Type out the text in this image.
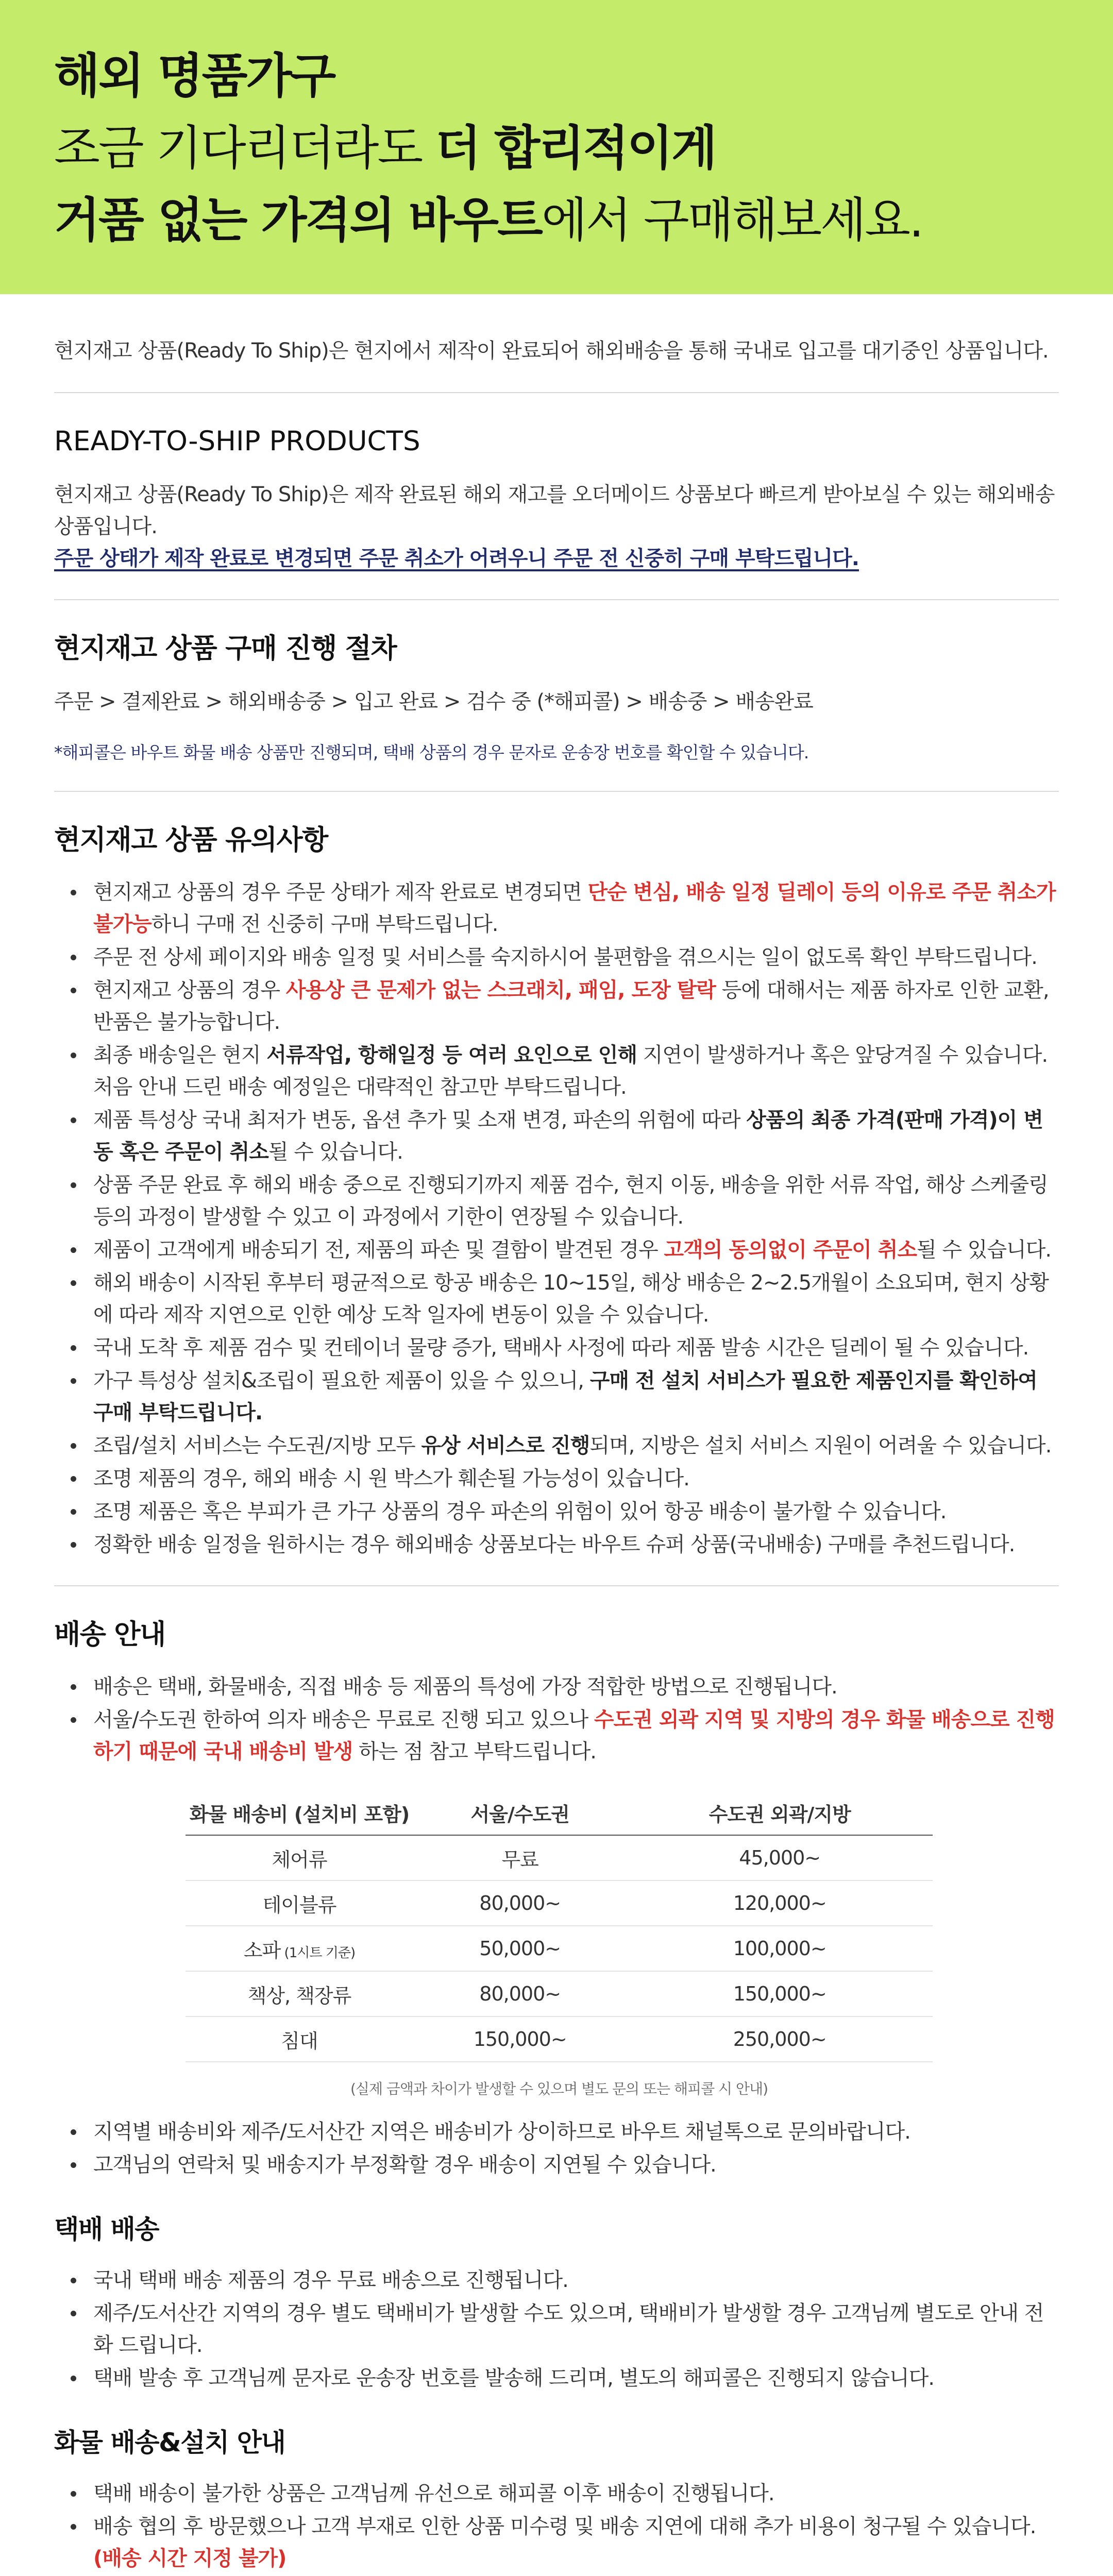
해외 명품가구
조금 기다리더라도 더 합리적이게
거품 없는 가격의 바우트에서 구매해보세요.
현지재고 상품(Ready To Ship)은 현지에서 제작이 완료되어 해외배송을 통해 국내로 입고를 대기중인 상품입니다.
READY-TO-SHIP PRODUCTS
현지재고 상품(Ready To Ship)은 제작 완료된 해외 재고를 오더메이드 상품보다 빠르게 받아보실 수 있는 해외배송 상품입니다.
주문 상태가 제작 완료로 변경되면 주문 취소가 어려우니 주문 전 신중히 구매 부탁드립니다.
현지재고 상품 구매 진행 절차
주문 > 결제완료 > 해외배송중 > 입고 완료 > 검수 중 (*해피콜) > 배송중 > 배송완료
*해피콜은 바우트 화물 배송 상품만 진행되며, 택배 상품의 경우 문자로 운송장 번호를 확인할 수 있습니다.
현지재고 상품 유의사항
현지재고 상품의 경우 주문 상태가 제작 완료로 변경되면 단순 변심, 배송 일정 딜레이 등의 이유로 주문 취소가 불가능하니 구매 전 신중히 구매 부탁드립니다.
주문 전 상세 페이지와 배송 일정 및 서비스를 숙지하시어 불편함을 겪으시는 일이 없도록 확인 부탁드립니다.
현지재고 상품의 경우 사용상 큰 문제가 없는 스크래치, 패임, 도장 탈락 등에 대해서는 제품 하자로 인한 교환, 반품은 불가능합니다.
최종 배송일은 현지 서류작업, 항해일정 등 여러 요인으로 인해 지연이 발생하거나 혹은 앞당겨질 수 있습니다. 처음 안내 드린 배송 예정일은 대략적인 참고만 부탁드립니다.
제품 특성상 국내 최저가 변동, 옵션 추가 및 소재 변경, 파손의 위험에 따라 상품의 최종 가격(판매 가격)이 변동 혹은 주문이 취소될 수 있습니다.
상품 주문 완료 후 해외 배송 중으로 진행되기까지 제품 검수, 현지 이동, 배송을 위한 서류 작업, 해상 스케줄링 등의 과정이 발생할 수 있고 이 과정에서 기한이 연장될 수 있습니다.
제품이 고객에게 배송되기 전, 제품의 파손 및 결함이 발견된 경우 고객의 동의없이 주문이 취소될 수 있습니다.
해외 배송이 시작된 후부터 평균적으로 항공 배송은 10~15일, 해상 배송은 2~2.5개월이 소요되며, 현지 상황에 따라 제작 지연으로 인한 예상 도착 일자에 변동이 있을 수 있습니다.
국내 도착 후 제품 검수 및 컨테이너 물량 증가, 택배사 사정에 따라 제품 발송 시간은 딜레이 될 수 있습니다.
가구 특성상 설치&조립이 필요한 제품이 있을 수 있으니, 구매 전 설치 서비스가 필요한 제품인지를 확인하여 구매 부탁드립니다.
조립/설치 서비스는 수도권/지방 모두 유상 서비스로 진행되며, 지방은 설치 서비스 지원이 어려울 수 있습니다.
조명 제품의 경우, 해외 배송 시 원 박스가 훼손될 가능성이 있습니다.
조명 제품은 혹은 부피가 큰 가구 상품의 경우 파손의 위험이 있어 항공 배송이 불가할 수 있습니다.
정확한 배송 일정을 원하시는 경우 해외배송 상품보다는 바우트 슈퍼 상품(국내배송) 구매를 추천드립니다.
배송 안내
배송은 택배, 화물배송, 직접 배송 등 제품의 특성에 가장 적합한 방법으로 진행됩니다.
서울/수도권 한하여 의자 배송은 무료로 진행 되고 있으나 수도권 외곽 지역 및 지방의 경우 화물 배송으로 진행하기 때문에 국내 배송비 발생 하는 점 참고 부탁드립니다.
화물 배송비 (설치비 포함)	서울/수도권	수도권 외곽/지방
체어류	무료	45,000~
테이블류	80,000~	120,000~
소파 (1시트 기준)	50,000~	100,000~
책상, 책장류	80,000~	150,000~
침대	150,000~	250,000~
(실제 금액과 차이가 발생할 수 있으며 별도 문의 또는 해피콜 시 안내)
지역별 배송비와 제주/도서산간 지역은 배송비가 상이하므로 바우트 채널톡으로 문의바랍니다.
고객님의 연락처 및 배송지가 부정확할 경우 배송이 지연될 수 있습니다.
택배 배송
국내 택배 배송 제품의 경우 무료 배송으로 진행됩니다.
제주/도서산간 지역의 경우 별도 택배비가 발생할 수도 있으며, 택배비가 발생할 경우 고객님께 별도로 안내 전화 드립니다.
택배 발송 후 고객님께 문자로 운송장 번호를 발송해 드리며, 별도의 해피콜은 진행되지 않습니다.
화물 배송&설치 안내
택배 배송이 불가한 상품은 고객님께 유선으로 해피콜 이후 배송이 진행됩니다.
배송 협의 후 방문했으나 고객 부재로 인한 상품 미수령 및 배송 지연에 대해 추가 비용이 청구될 수 있습니다. (배송 시간 지정 불가)
